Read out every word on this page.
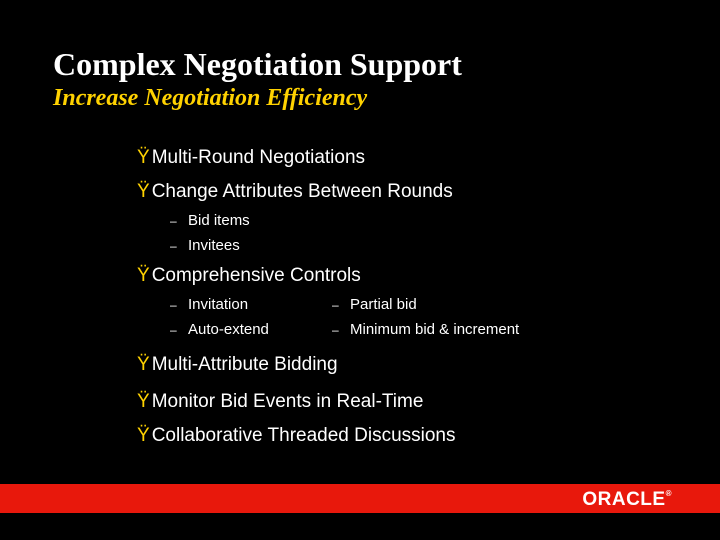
Complex Negotiation Support
Increase Negotiation Efficiency
Ÿ Multi-Round Negotiations
Ÿ Change Attributes Between Rounds
– Bid items
– Invitees
Ÿ Comprehensive Controls
– Invitation
– Auto-extend
– Partial bid
– Minimum bid & increment
Ÿ Multi-Attribute Bidding
Ÿ Monitor Bid Events in Real-Time
Ÿ Collaborative Threaded Discussions
ORACLE®
